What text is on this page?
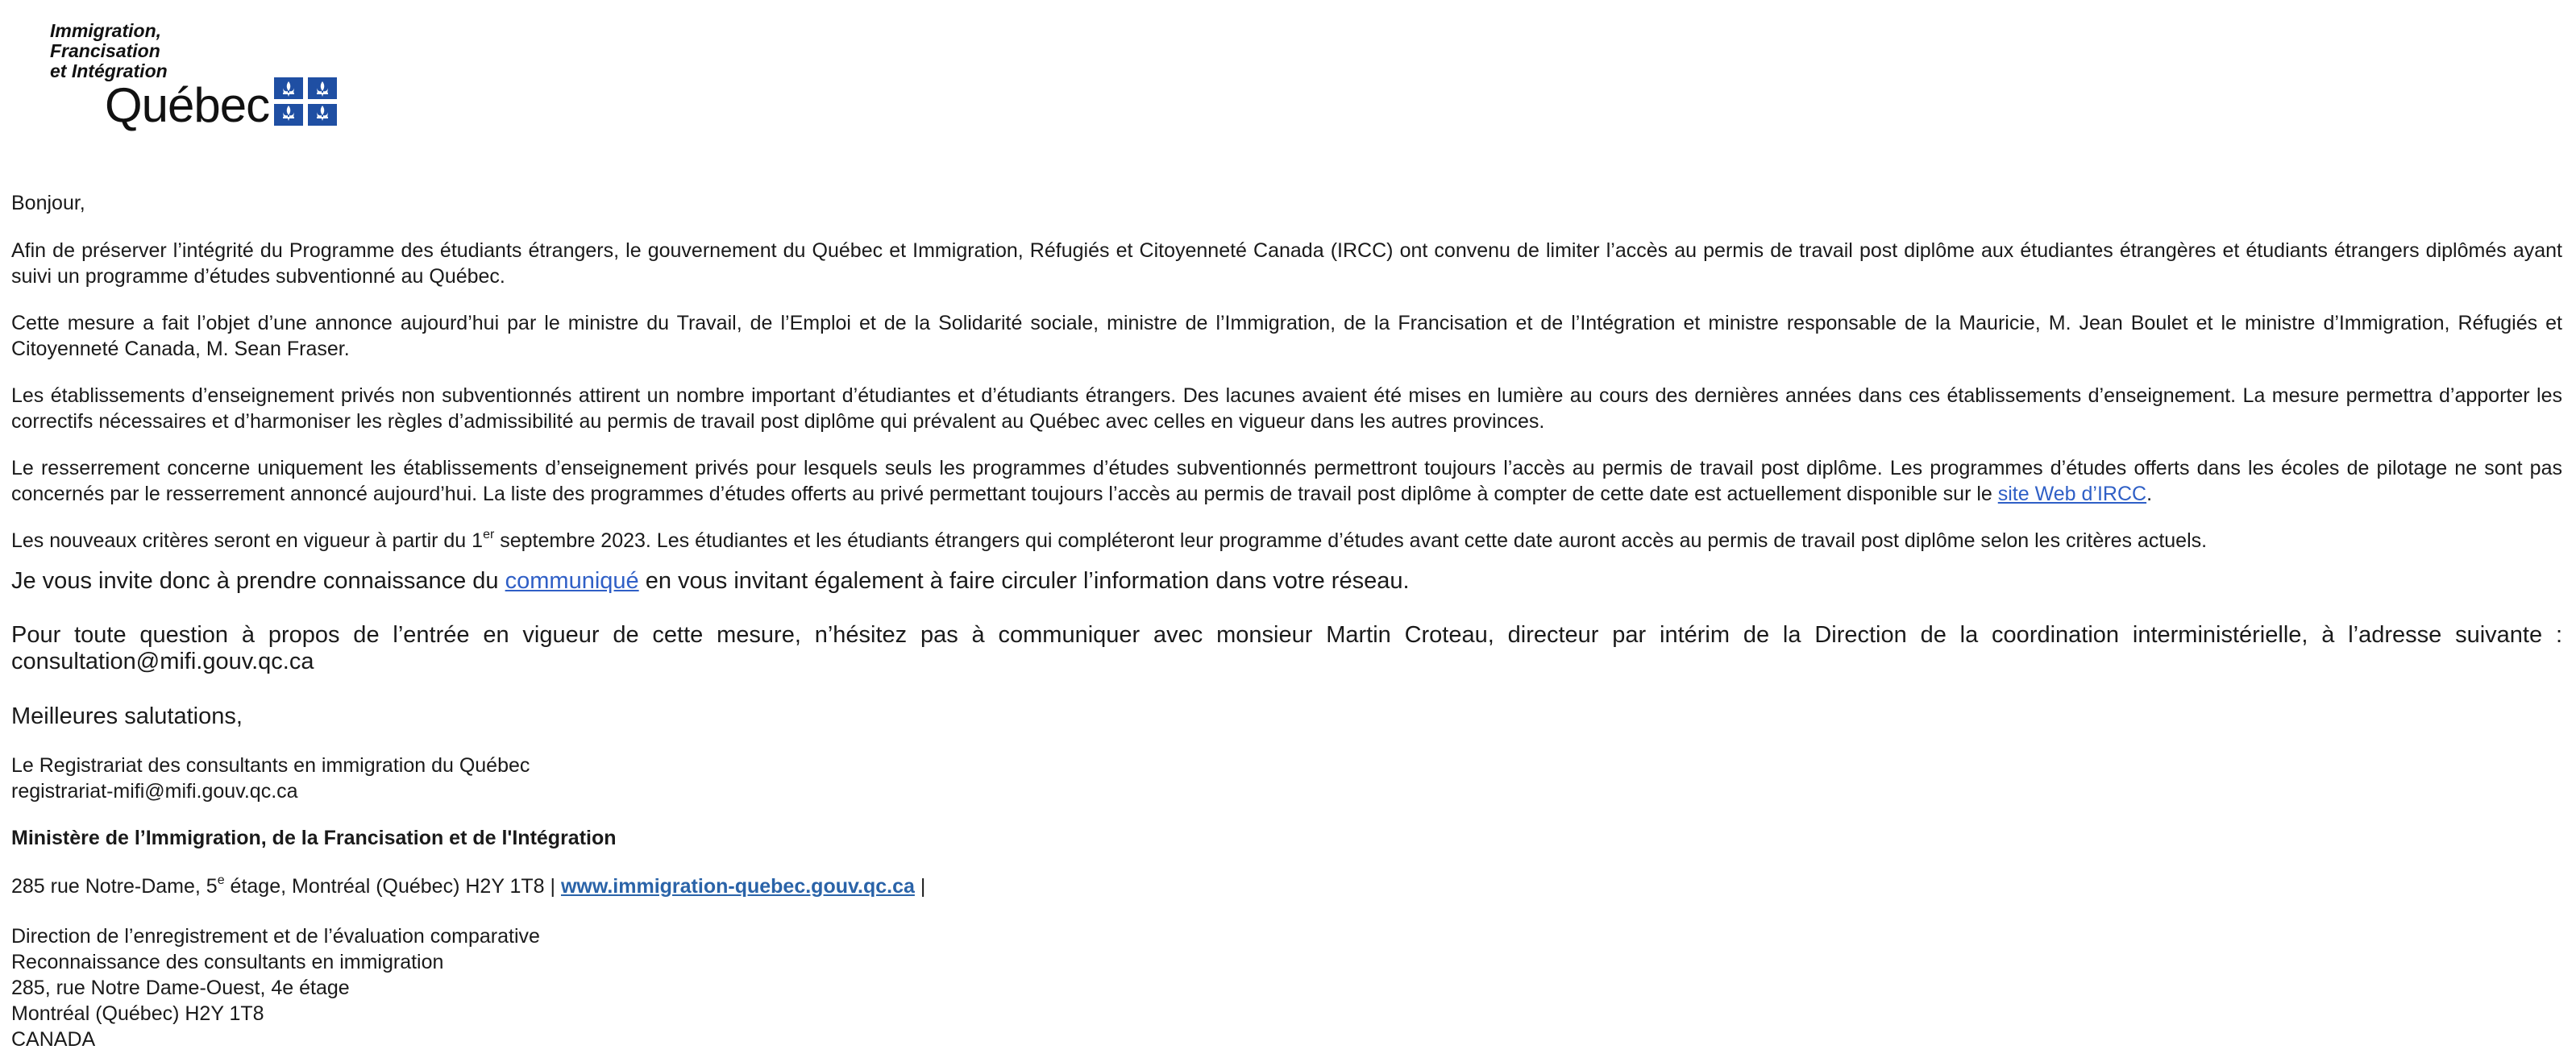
Immigration,
Francisation
et Intégration
Québec

Bonjour,

Afin de préserver l’intégrité du Programme des étudiants étrangers, le gouvernement du Québec et Immigration, Réfugiés et Citoyenneté Canada (IRCC) ont convenu de limiter l’accès au permis de travail post diplôme aux étudiantes étrangères et étudiants étrangers diplômés ayant suivi un programme d’études subventionné au Québec.

Cette mesure a fait l’objet d’une annonce aujourd’hui par le ministre du Travail, de l’Emploi et de la Solidarité sociale, ministre de l’Immigration, de la Francisation et de l’Intégration et ministre responsable de la Mauricie, M. Jean Boulet et le ministre d’Immigration, Réfugiés et Citoyenneté Canada, M. Sean Fraser.

Les établissements d’enseignement privés non subventionnés attirent un nombre important d’étudiantes et d’étudiants étrangers. Des lacunes avaient été mises en lumière au cours des dernières années dans ces établissements d’enseignement. La mesure permettra d’apporter les correctifs nécessaires et d’harmoniser les règles d’admissibilité au permis de travail post diplôme qui prévalent au Québec avec celles en vigueur dans les autres provinces.

Le resserrement concerne uniquement les établissements d’enseignement privés pour lesquels seuls les programmes d’études subventionnés permettront toujours l’accès au permis de travail post diplôme. Les programmes d’études offerts dans les écoles de pilotage ne sont pas concernés par le resserrement annoncé aujourd’hui. La liste des programmes d’études offerts au privé permettant toujours l’accès au permis de travail post diplôme à compter de cette date est actuellement disponible sur le site Web d’IRCC.

Les nouveaux critères seront en vigueur à partir du 1er septembre 2023. Les étudiantes et les étudiants étrangers qui compléteront leur programme d’études avant cette date auront accès au permis de travail post diplôme selon les critères actuels.

Je vous invite donc à prendre connaissance du communiqué en vous invitant également à faire circuler l’information dans votre réseau.

Pour toute question à propos de l’entrée en vigueur de cette mesure, n’hésitez pas à communiquer avec monsieur Martin Croteau, directeur par intérim de la Direction de la coordination interministérielle, à l’adresse suivante : consultation@mifi.gouv.qc.ca

Meilleures salutations,

Le Registrariat des consultants en immigration du Québec
registrariat-mifi@mifi.gouv.qc.ca

Ministère de l’Immigration, de la Francisation et de l'Intégration

285 rue Notre-Dame, 5e étage, Montréal (Québec) H2Y 1T8 | www.immigration-quebec.gouv.qc.ca |

Direction de l’enregistrement et de l’évaluation comparative
Reconnaissance des consultants en immigration
285, rue Notre Dame-Ouest, 4e étage
Montréal (Québec) H2Y 1T8
CANADA
